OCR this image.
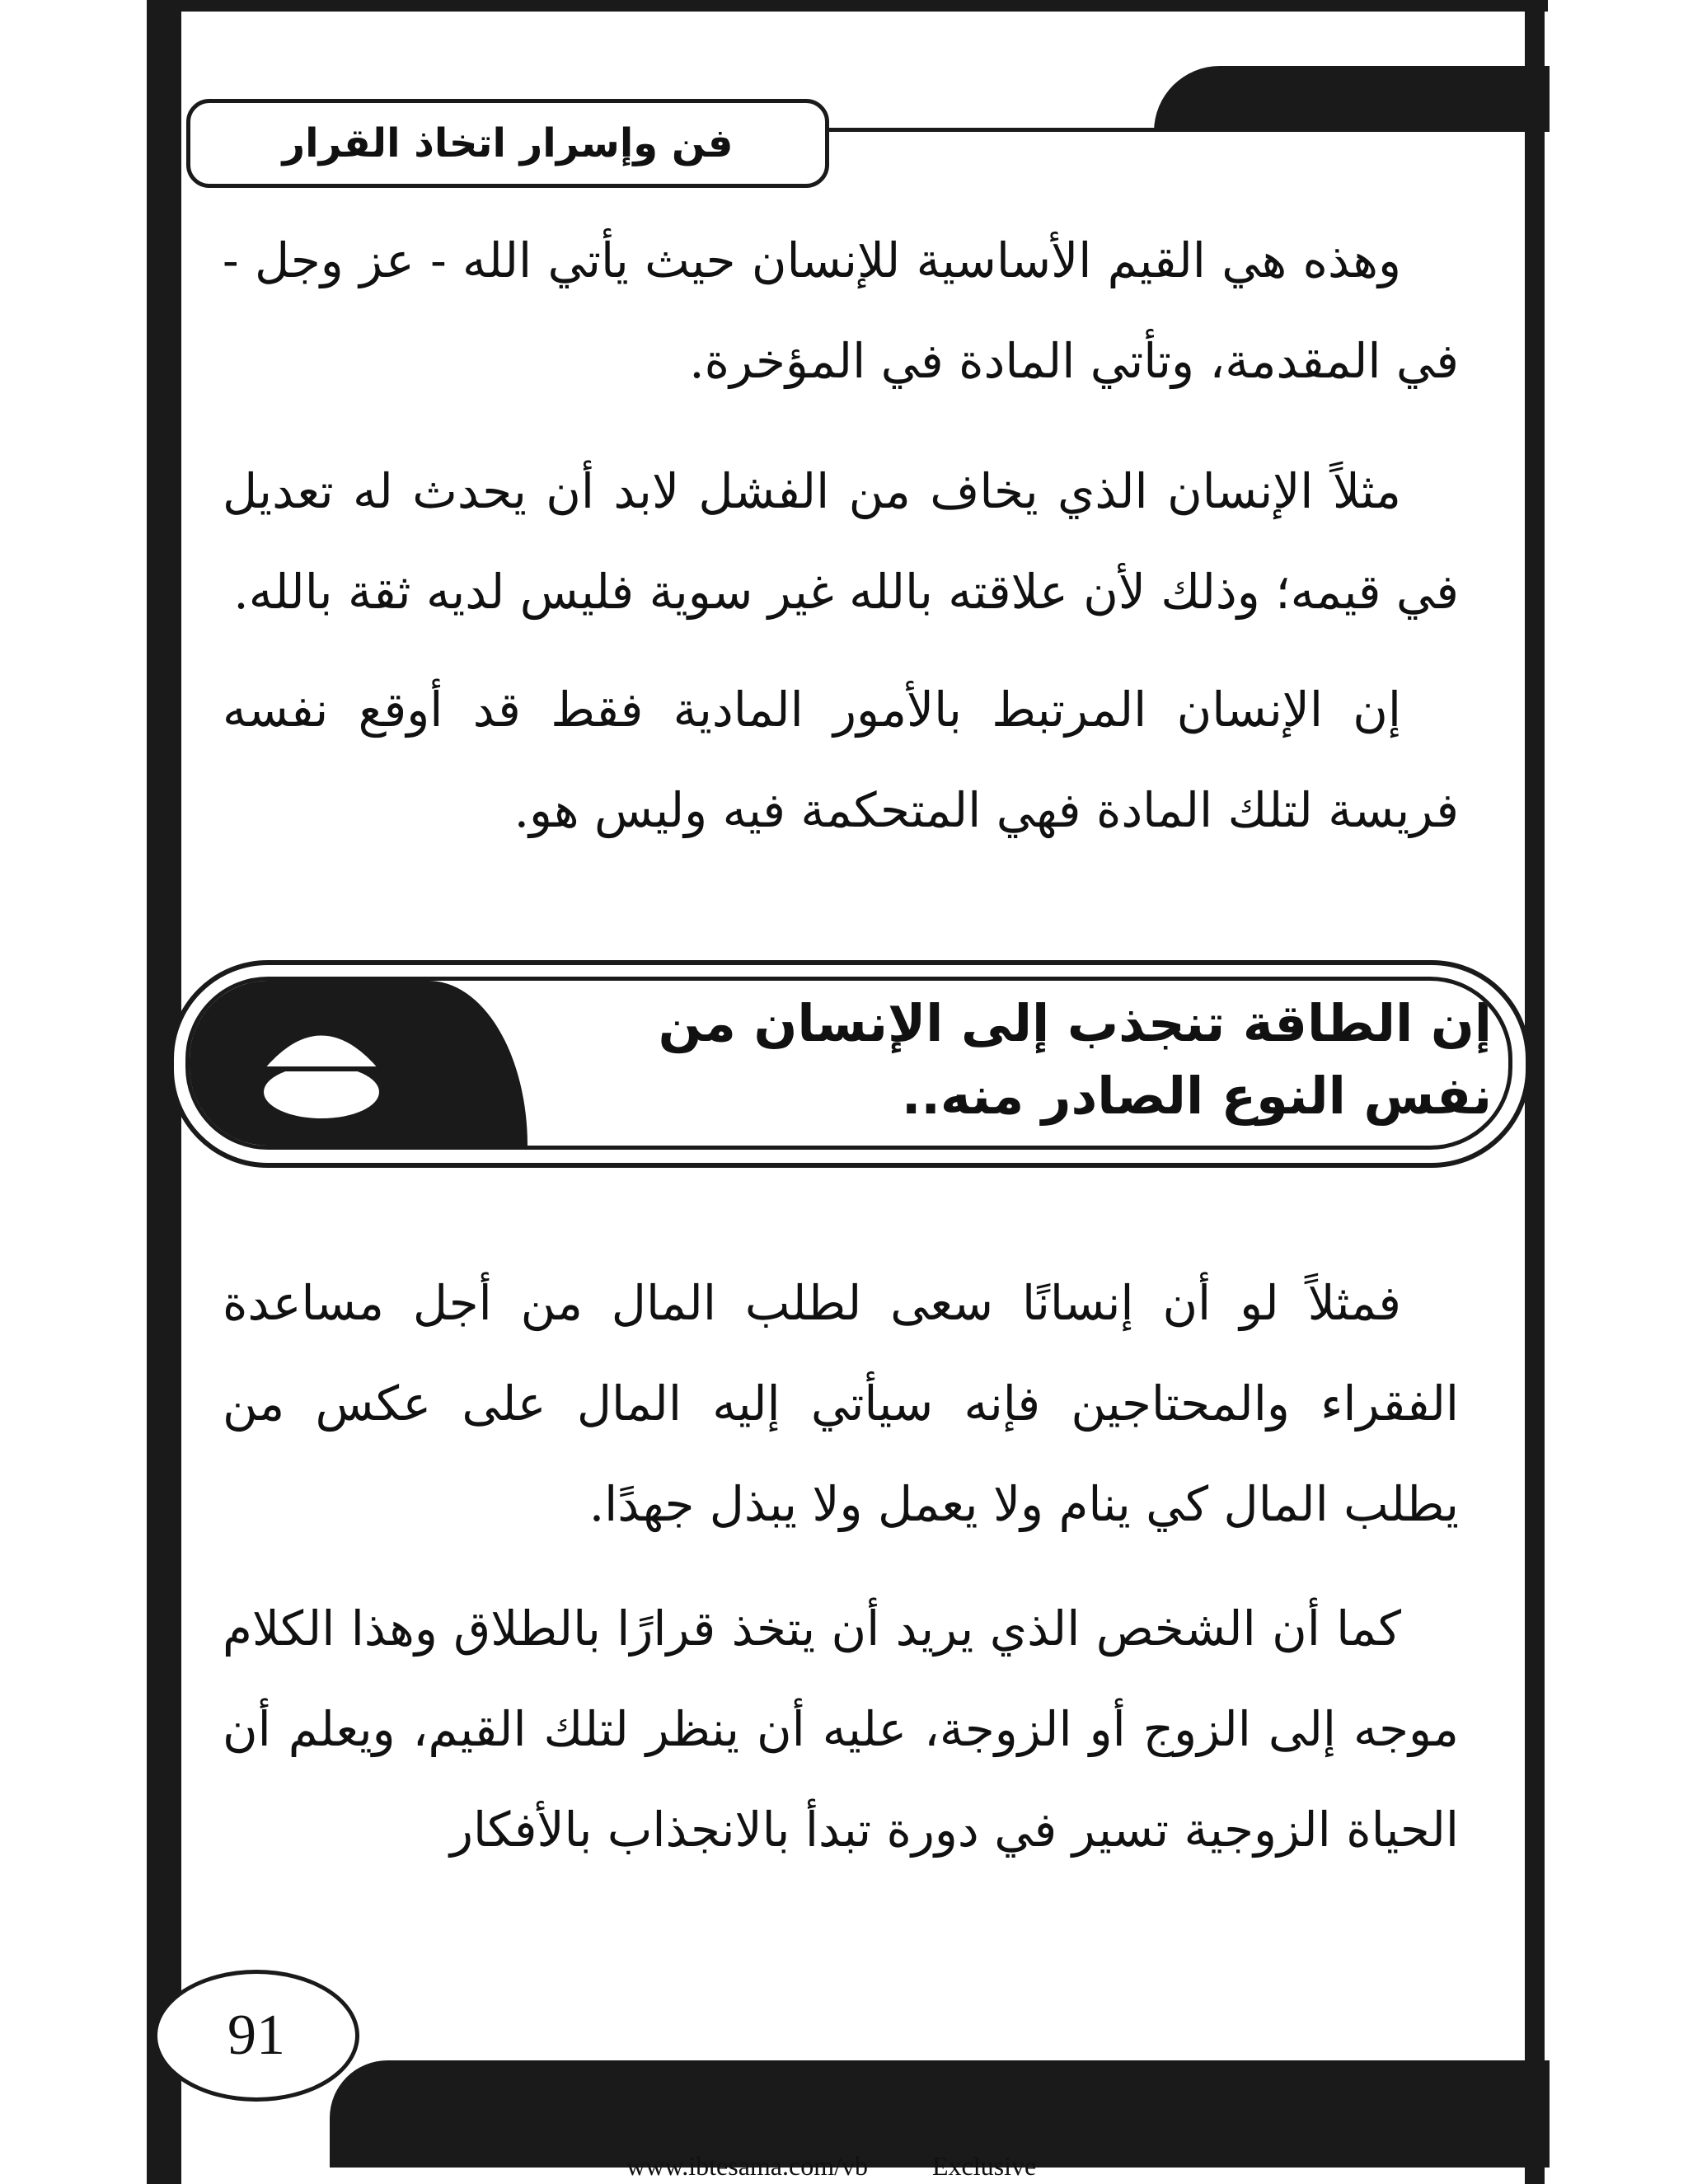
فن وإسرار اتخاذ القرار

وهذه هي القيم الأساسية للإنسان حيث يأتي الله - عز وجل - في المقدمة، وتأتي المادة في المؤخرة.

مثلاً الإنسان الذي يخاف من الفشل لابد أن يحدث له تعديل في قيمه؛ وذلك لأن علاقته بالله غير سوية فليس لديه ثقة بالله.

إن الإنسان المرتبط بالأمور المادية فقط قد أوقع نفسه فريسة لتلك المادة فهي المتحكمة فيه وليس هو.

إن الطاقة تنجذب إلى الإنسان من نفس النوع الصادر منه..

فمثلاً لو أن إنسانًا سعى لطلب المال من أجل مساعدة الفقراء والمحتاجين فإنه سيأتي إليه المال على عكس من يطلب المال كي ينام ولا يعمل ولا يبذل جهدًا.

كما أن الشخص الذي يريد أن يتخذ قرارًا بالطلاق وهذا الكلام موجه إلى الزوج أو الزوجة، عليه أن ينظر لتلك القيم، ويعلم أن الحياة الزوجية تسير في دورة تبدأ بالانجذاب بالأفكار

91
www.ibtesama.com/vb Exclusive
